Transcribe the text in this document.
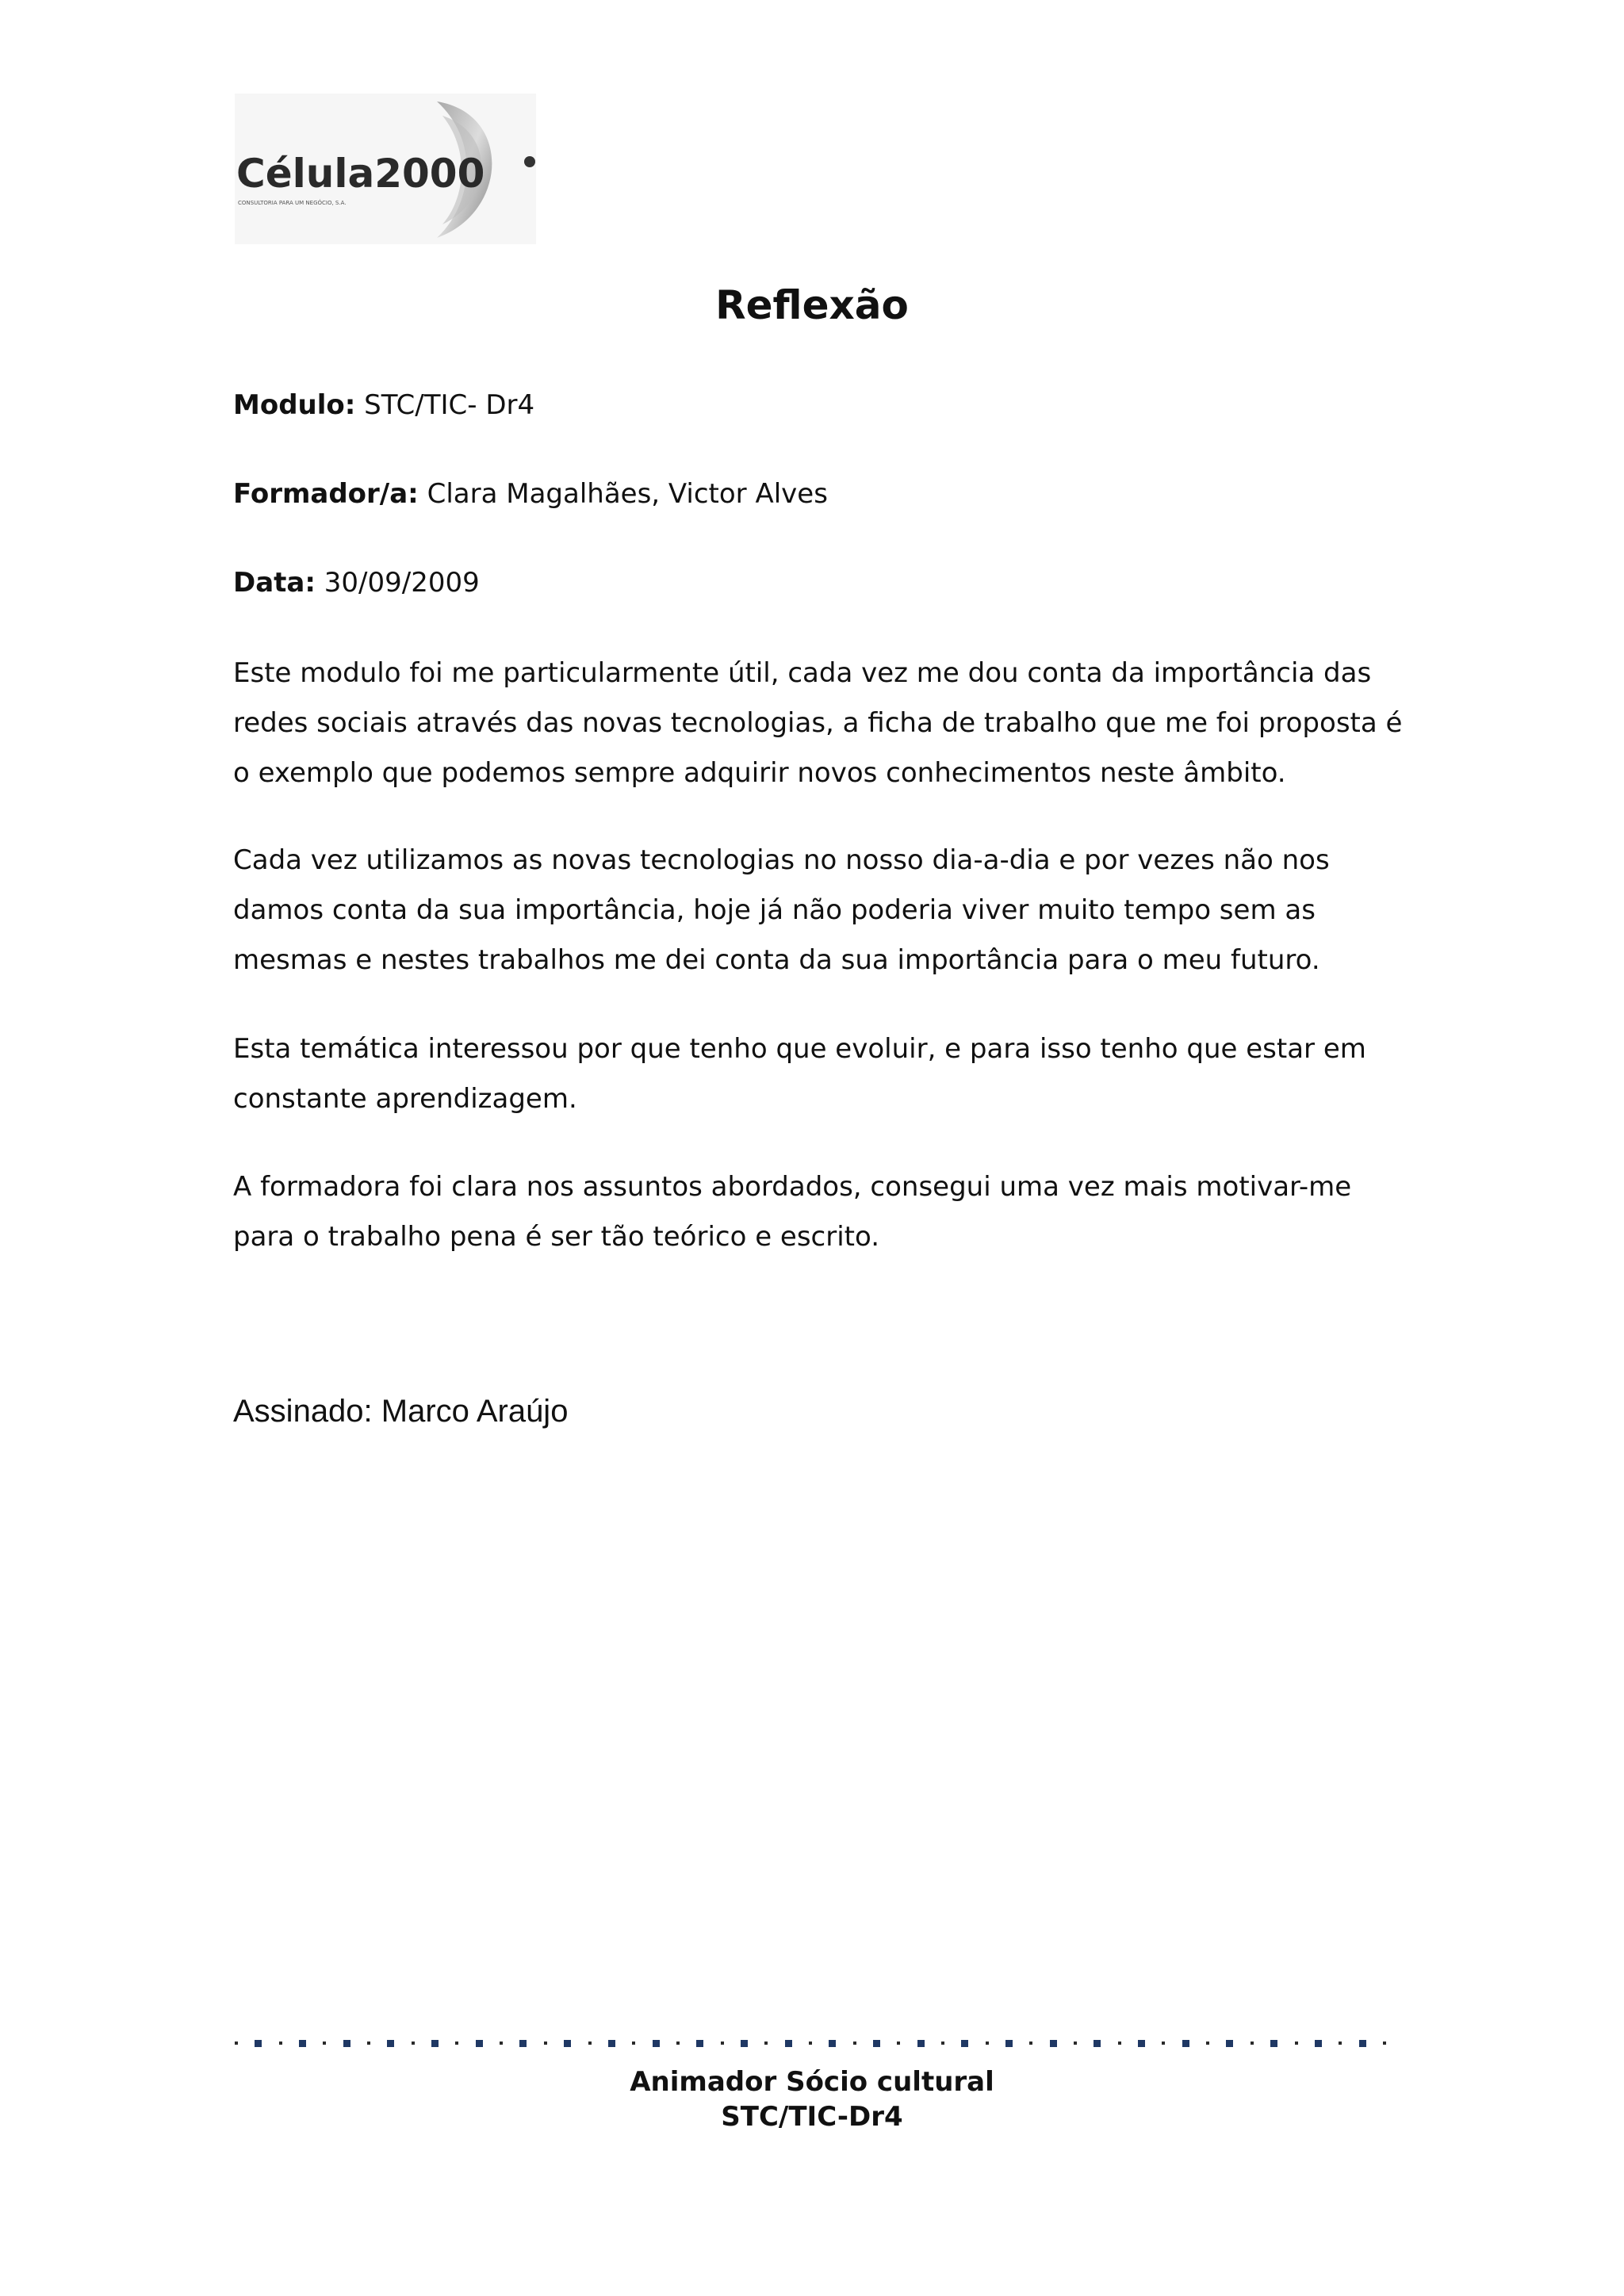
Célula2000
CONSULTORIA PARA UM NEGÓCIO, S.A.
Reflexão
Modulo: STC/TIC- Dr4
Formador/a: Clara Magalhães, Victor Alves
Data: 30/09/2009

Este modulo foi me particularmente útil, cada vez me dou conta da importância das redes sociais através das novas tecnologias, a ficha de trabalho que me foi proposta é o exemplo que podemos sempre adquirir novos conhecimentos neste âmbito.

Cada vez utilizamos as novas tecnologias no nosso dia-a-dia e por vezes não nos damos conta da sua importância, hoje já não poderia viver muito tempo sem as mesmas e nestes trabalhos me dei conta da sua importância para o meu futuro.

Esta temática interessou por que tenho que evoluir, e para isso tenho que estar em constante aprendizagem.

A formadora foi clara nos assuntos abordados, consegui uma vez mais motivar-me para o trabalho pena é ser tão teórico e escrito.

Assinado: Marco Araújo
Animador Sócio cultural
STC/TIC-Dr4
